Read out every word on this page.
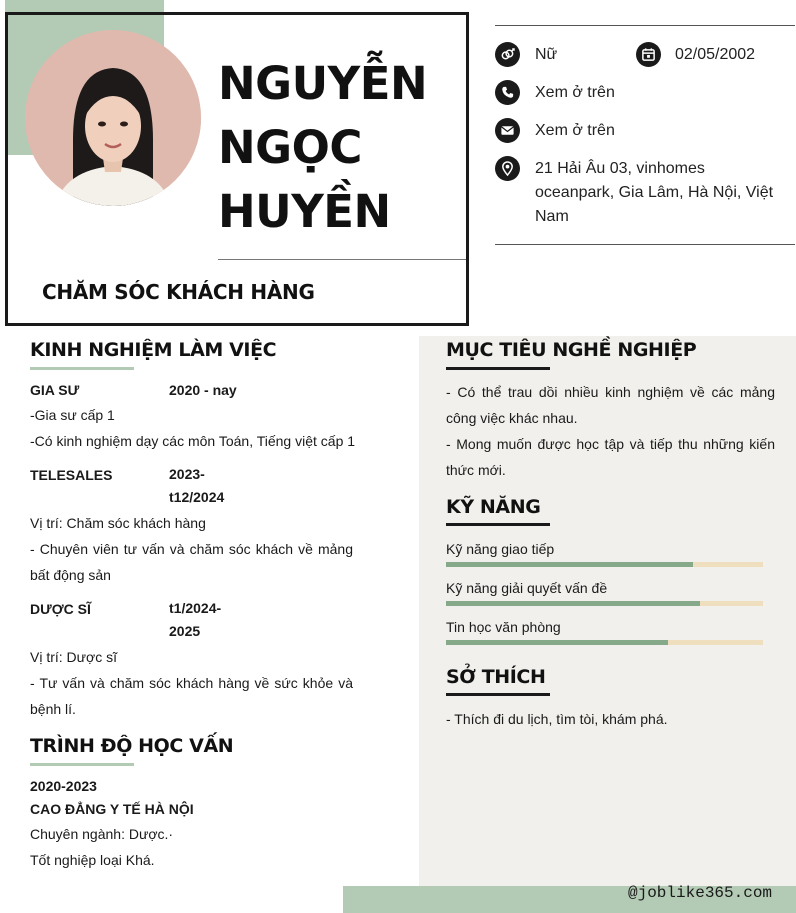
NGUYỄN
NGỌC
HUYỀN
CHĂM SÓC KHÁCH HÀNG
Nữ	02/05/2002
Xem ở trên
Xem ở trên
21 Hải Âu 03, vinhomes oceanpark, Gia Lâm, Hà Nội, Việt Nam
KINH NGHIỆM LÀM VIỆC
GIA SƯ	2020 - nay
-Gia sư cấp 1
-Có kinh nghiệm dạy các môn Toán, Tiếng việt cấp 1
TELESALES	2023-t12/2024
Vị trí: Chăm sóc khách hàng
- Chuyên viên tư vấn và chăm sóc khách về mảng bất động sản
DƯỢC SĨ	t1/2024-2025
Vị trí: Dược sĩ
- Tư vấn và chăm sóc khách hàng về sức khỏe và bệnh lí.
TRÌNH ĐỘ HỌC VẤN
2020-2023
CAO ĐẲNG Y TẾ HÀ NỘI
Chuyên ngành: Dược.·
Tốt nghiệp loại Khá.
MỤC TIÊU NGHỀ NGHIỆP
- Có thể trau dồi nhiều kinh nghiệm về các mảng công việc khác nhau.
- Mong muốn được học tập và tiếp thu những kiến thức mới.
KỸ NĂNG
Kỹ năng giao tiếp
Kỹ năng giải quyết vấn đề
Tin học văn phòng
SỞ THÍCH
- Thích đi du lịch, tìm tòi, khám phá.
@joblike365.com
